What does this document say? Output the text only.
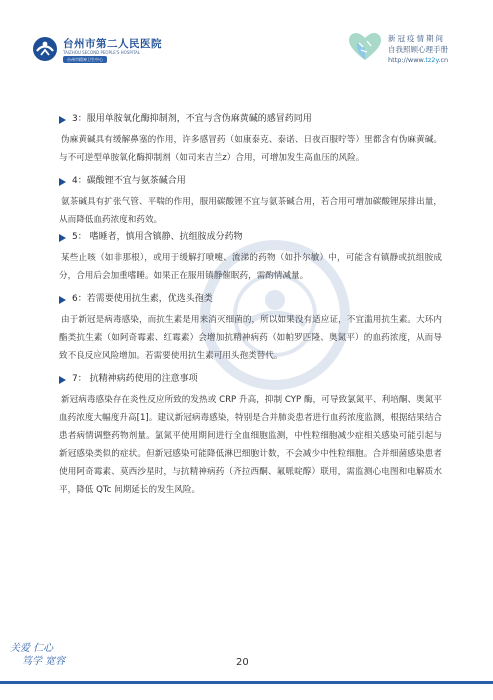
台州市第二人民医院
TAIZHOU SECOND PEOPLE'S HOSPITAL
台州市精神卫生中心
新冠疫情期间
自我照顾心理手册
http://www.tz2y.cn
3：服用单胺氧化酶抑制剂，不宜与含伪麻黄碱的感冒药同用

伪麻黄碱具有缓解鼻塞的作用，许多感冒药（如康泰克、泰诺、日夜百服咛等）里都含有伪麻黄碱。与不可逆型单胺氧化酶抑制剂（如司来吉兰z）合用，可增加发生高血压的风险。

4：碳酸锂不宜与氨茶碱合用

氨茶碱具有扩张气管、平喘的作用，服用碳酸锂不宜与氨茶碱合用，若合用可增加碳酸锂尿排出量，从而降低血药浓度和药效。

5： 嗜睡者，慎用含镇静、抗组胺成分药物

某些止咳（如非那根），或用于缓解打喷嚏、流涕的药物（如扑尔敏）中，可能含有镇静或抗组胺成分，合用后会加重嗜睡。如果正在服用镇静催眠药，需酌情减量。

6：若需要使用抗生素，优选头孢类

由于新冠是病毒感染，而抗生素是用来消灭细菌的，所以如果没有适应证，不宜滥用抗生素。大环内酯类抗生素（如阿奇霉素、红霉素）会增加抗精神病药（如帕罗匹隆、奥氮平）的血药浓度，从而导致不良反应风险增加。若需要使用抗生素可用头孢类替代。

7： 抗精神病药使用的注意事项

新冠病毒感染存在炎性反应所致的发热或 CRP 升高，抑制 CYP 酶，可导致氯氮平、利培酮、奥氮平血药浓度大幅度升高[1]。建议新冠病毒感染，特别是合并肺炎患者进行血药浓度监测，根据结果结合患者病情调整药物剂量。氯氮平使用期间进行全血细胞监测，中性粒细胞减少症相关感染可能引起与新冠感染类似的症状。但新冠感染可能降低淋巴细胞计数，不会减少中性粒细胞。合并细菌感染患者使用阿奇霉素、莫西沙星时，与抗精神病药（齐拉西酮、氟哌啶醇）联用，需监测心电图和电解质水平，降低 QTc 间期延长的发生风险。

关爱 仁心
笃学 宽容	20
